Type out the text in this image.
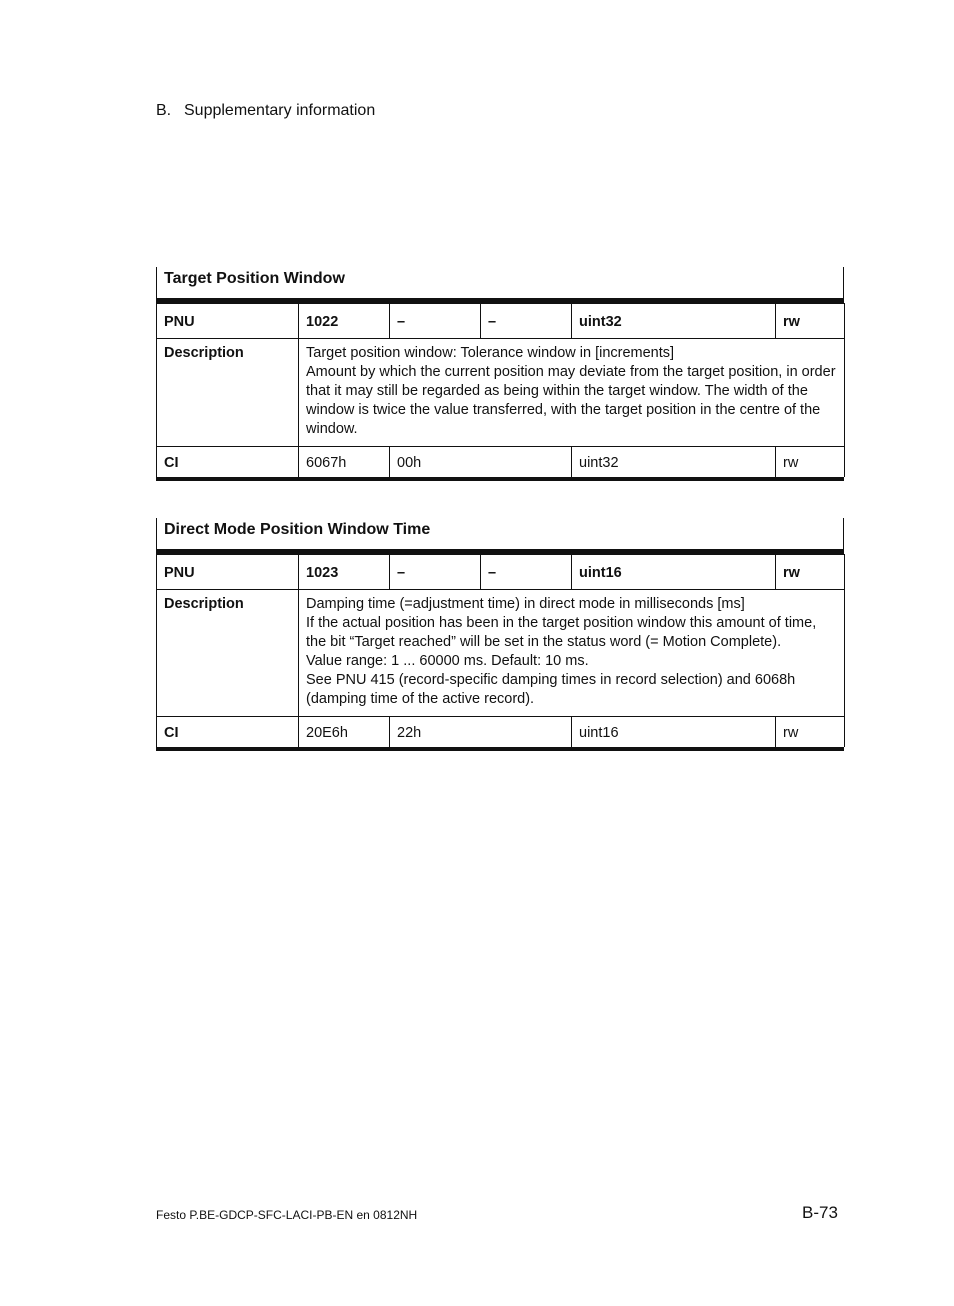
B. Supplementary information
Target Position Window
PNU	1022	–	–	uint32	rw
Description	Target position window: Tolerance window in [increments]
Amount by which the current position may deviate from the target position, in order that it may still be regarded as being within the target window. The width of the window is twice the value transferred, with the target position in the centre of the window.				

CI	6067h	00h		uint32	rw
Direct Mode Position Window Time
PNU	1023	–	–	uint16	rw
Description	Damping time (=adjustment time) in direct mode in milliseconds [ms]
If the actual position has been in the target position window this amount of time, the bit “Target reached” will be set in the status word (= Motion Complete).
Value range: 1 ... 60000 ms. Default: 10 ms.
See PNU 415 (record-specific damping times in record selection) and 6068h (damping time of the active record).				

CI	20E6h	22h		uint16	rw
Festo P.BE-GDCP-SFC-LACI-PB-EN en 0812NH	B-73
